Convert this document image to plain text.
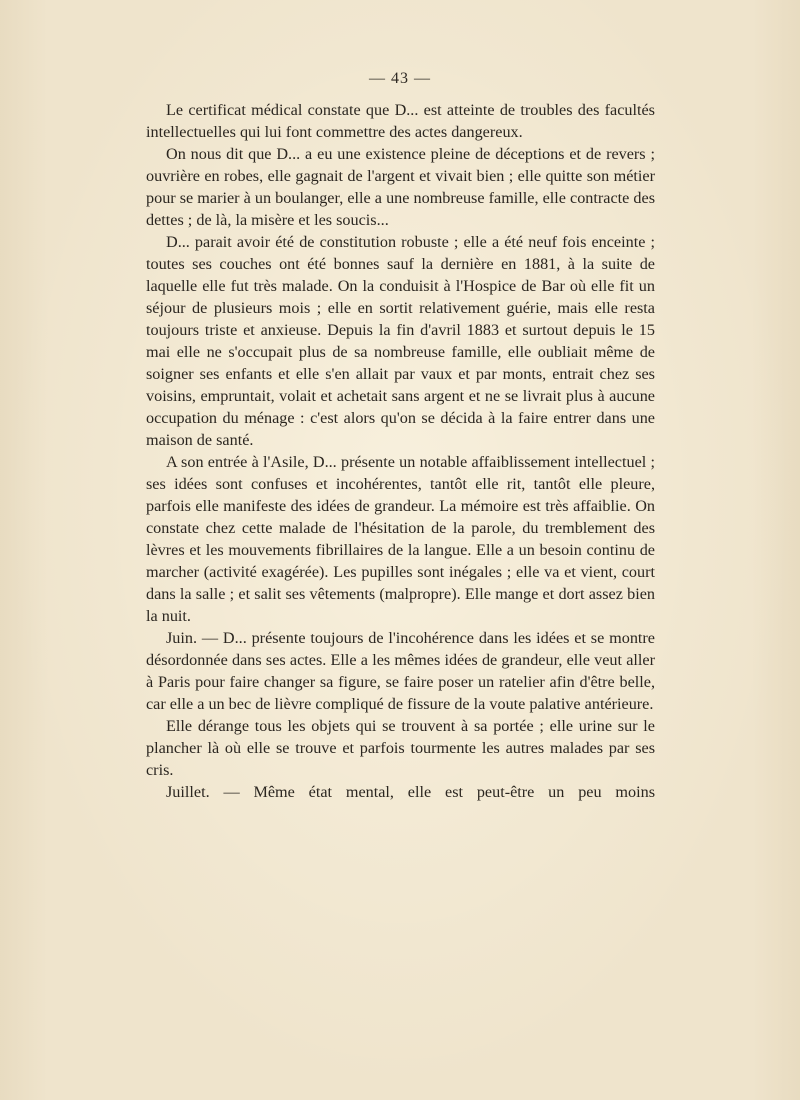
— 43 —

Le certificat médical constate que D... est atteinte de troubles des facultés intellectuelles qui lui font commettre des actes dangereux.

On nous dit que D... a eu une existence pleine de déceptions et de revers ; ouvrière en robes, elle gagnait de l'argent et vivait bien ; elle quitte son métier pour se marier à un boulanger, elle a une nombreuse famille, elle contracte des dettes ; de là, la misère et les soucis...

D... parait avoir été de constitution robuste ; elle a été neuf fois enceinte ; toutes ses couches ont été bonnes sauf la dernière en 1881, à la suite de laquelle elle fut très malade. On la conduisit à l'Hospice de Bar où elle fit un séjour de plusieurs mois ; elle en sortit relativement guérie, mais elle resta toujours triste et anxieuse. Depuis la fin d'avril 1883 et surtout depuis le 15 mai elle ne s'occupait plus de sa nombreuse famille, elle oubliait même de soigner ses enfants et elle s'en allait par vaux et par monts, entrait chez ses voisins, empruntait, volait et achetait sans argent et ne se livrait plus à aucune occupation du ménage : c'est alors qu'on se décida à la faire entrer dans une maison de santé.

A son entrée à l'Asile, D... présente un notable affaiblissement intellectuel ; ses idées sont confuses et incohérentes, tantôt elle rit, tantôt elle pleure, parfois elle manifeste des idées de grandeur. La mémoire est très affaiblie. On constate chez cette malade de l'hésitation de la parole, du tremblement des lèvres et les mouvements fibrillaires de la langue. Elle a un besoin continu de marcher (activité exagérée). Les pupilles sont inégales ; elle va et vient, court dans la salle ; et salit ses vêtements (malpropre). Elle mange et dort assez bien la nuit.

Juin. — D... présente toujours de l'incohérence dans les idées et se montre désordonnée dans ses actes. Elle a les mêmes idées de grandeur, elle veut aller à Paris pour faire changer sa figure, se faire poser un ratelier afin d'être belle, car elle a un bec de lièvre compliqué de fissure de la voute palative antérieure.

Elle dérange tous les objets qui se trouvent à sa portée ; elle urine sur le plancher là où elle se trouve et parfois tourmente les autres malades par ses cris.

Juillet. — Même état mental, elle est peut-être un peu moins
